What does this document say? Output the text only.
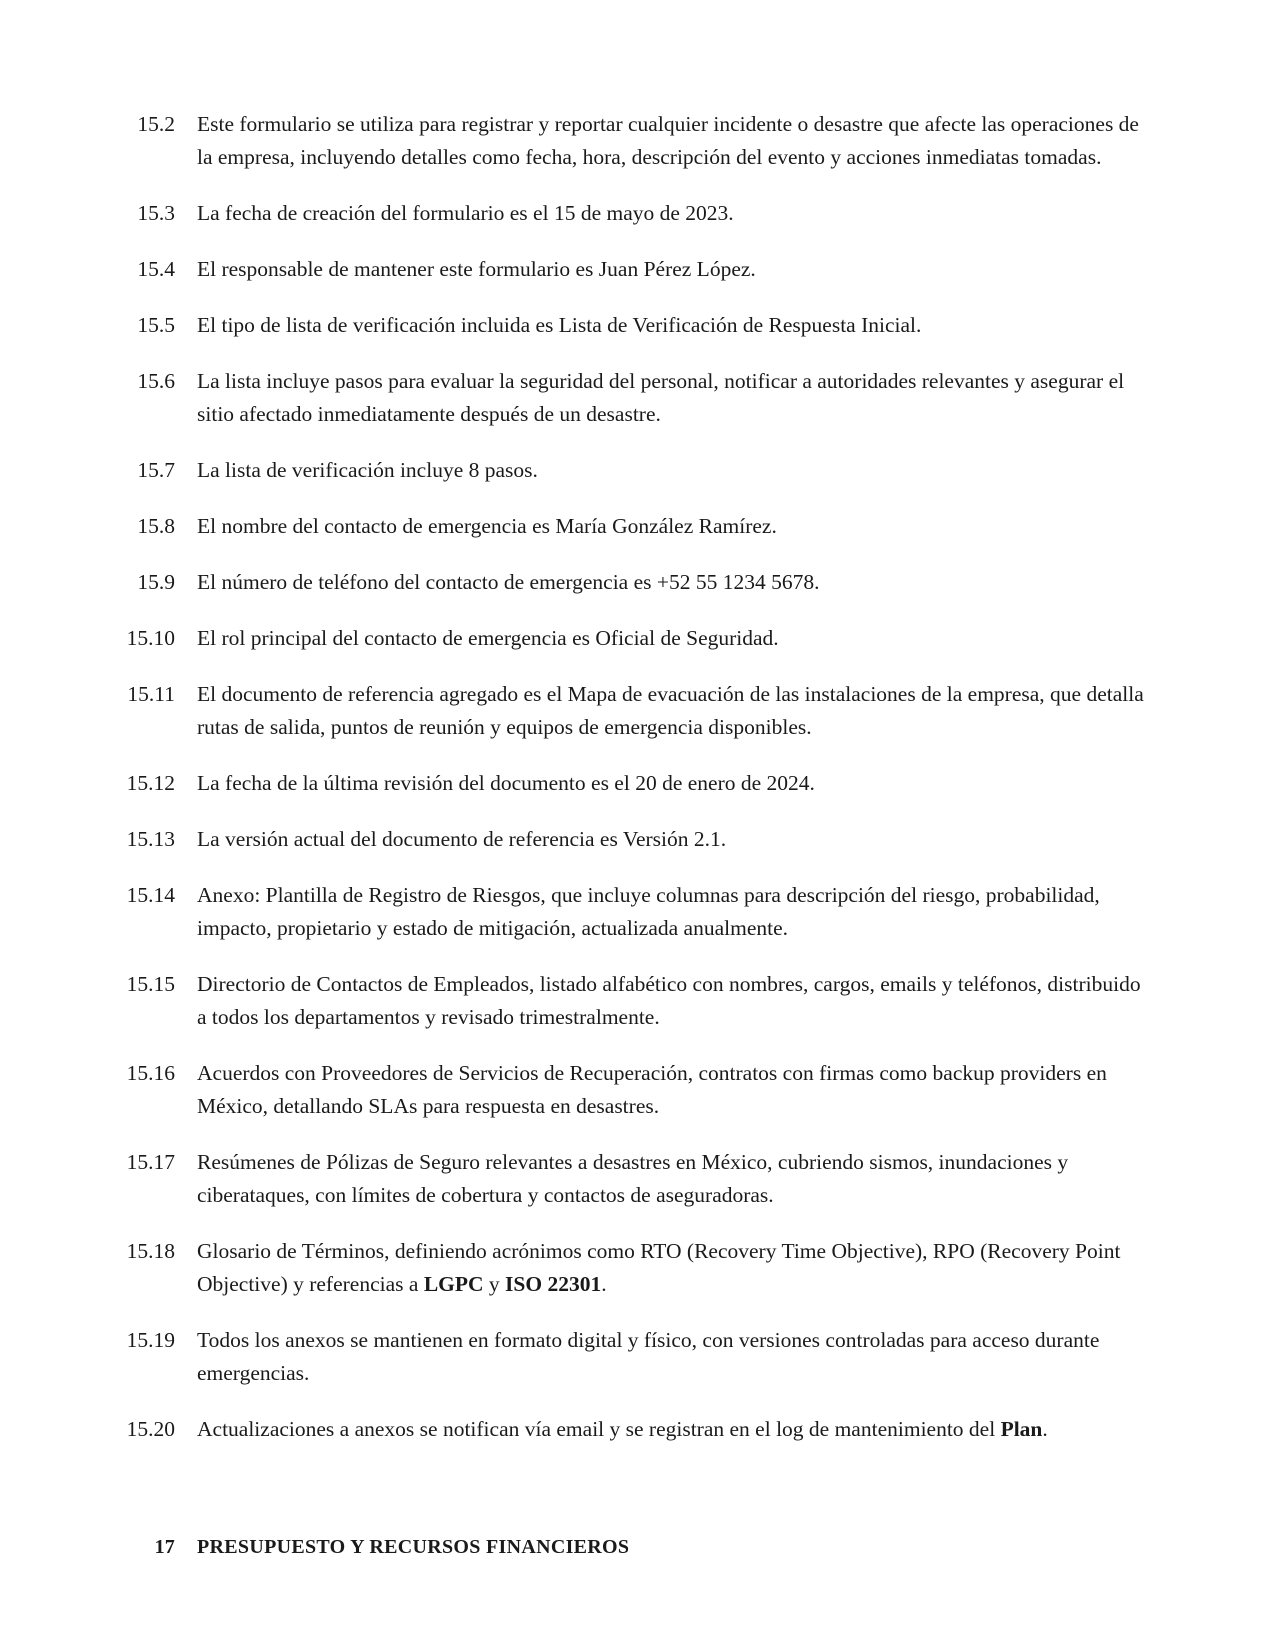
15.2	Este formulario se utiliza para registrar y reportar cualquier incidente o desastre que afecte las operaciones de la empresa, incluyendo detalles como fecha, hora, descripción del evento y acciones inmediatas tomadas.
15.3	La fecha de creación del formulario es el 15 de mayo de 2023.
15.4	El responsable de mantener este formulario es Juan Pérez López.
15.5	El tipo de lista de verificación incluida es Lista de Verificación de Respuesta Inicial.
15.6	La lista incluye pasos para evaluar la seguridad del personal, notificar a autoridades relevantes y asegurar el sitio afectado inmediatamente después de un desastre.
15.7	La lista de verificación incluye 8 pasos.
15.8	El nombre del contacto de emergencia es María González Ramírez.
15.9	El número de teléfono del contacto de emergencia es +52 55 1234 5678.
15.10	El rol principal del contacto de emergencia es Oficial de Seguridad.
15.11	El documento de referencia agregado es el Mapa de evacuación de las instalaciones de la empresa, que detalla rutas de salida, puntos de reunión y equipos de emergencia disponibles.
15.12	La fecha de la última revisión del documento es el 20 de enero de 2024.
15.13	La versión actual del documento de referencia es Versión 2.1.
15.14	Anexo: Plantilla de Registro de Riesgos, que incluye columnas para descripción del riesgo, probabilidad, impacto, propietario y estado de mitigación, actualizada anualmente.
15.15	Directorio de Contactos de Empleados, listado alfabético con nombres, cargos, emails y teléfonos, distribuido a todos los departamentos y revisado trimestralmente.
15.16	Acuerdos con Proveedores de Servicios de Recuperación, contratos con firmas como backup providers en México, detallando SLAs para respuesta en desastres.
15.17	Resúmenes de Pólizas de Seguro relevantes a desastres en México, cubriendo sismos, inundaciones y ciberataques, con límites de cobertura y contactos de aseguradoras.
15.18	Glosario de Términos, definiendo acrónimos como RTO (Recovery Time Objective), RPO (Recovery Point Objective) y referencias a LGPC y ISO 22301.
15.19	Todos los anexos se mantienen en formato digital y físico, con versiones controladas para acceso durante emergencias.
15.20	Actualizaciones a anexos se notifican vía email y se registran en el log de mantenimiento del Plan.
17	PRESUPUESTO Y RECURSOS FINANCIEROS
